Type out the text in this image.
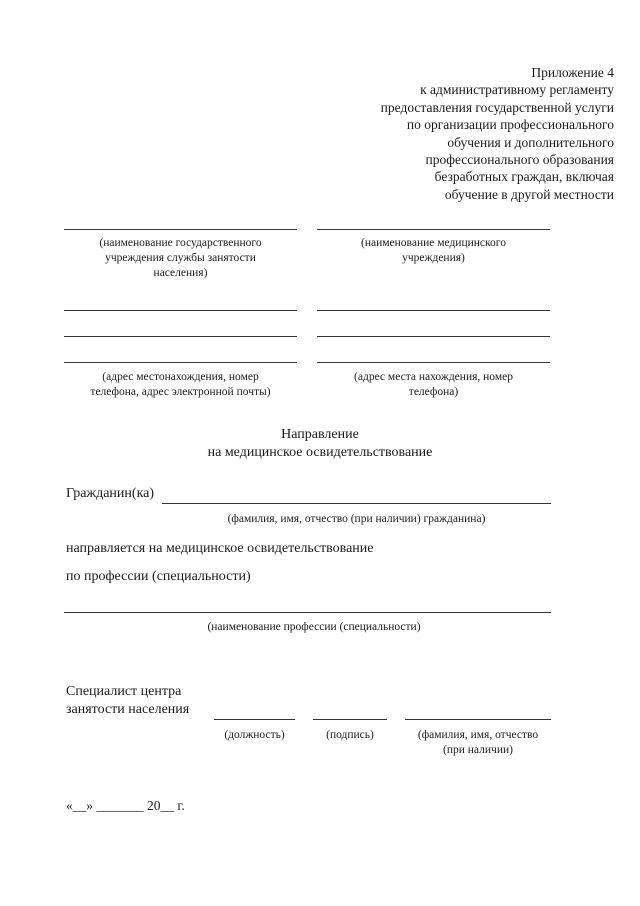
Приложение 4
к административному регламенту
предоставления государственной услуги
по организации профессионального
обучения и дополнительного
профессионального образования
безработных граждан, включая
обучение в другой местности
(наименование государственного
учреждения службы занятости
населения)
(адрес местонахождения, номер
телефона, адрес электронной почты)
(наименование медицинского
учреждения)
(адрес места нахождения, номер
телефона)
Направление
на медицинское освидетельствование
Гражданин(ка)
(фамилия, имя, отчество (при наличии) гражданина)
направляется на медицинское освидетельствование
по профессии (специальности)
(наименование профессии (специальности)
Специалист центра
занятости населения
(должность)	(подпись)	(фамилия, имя, отчество
(при наличии)
«__» _______ 20__ г.
